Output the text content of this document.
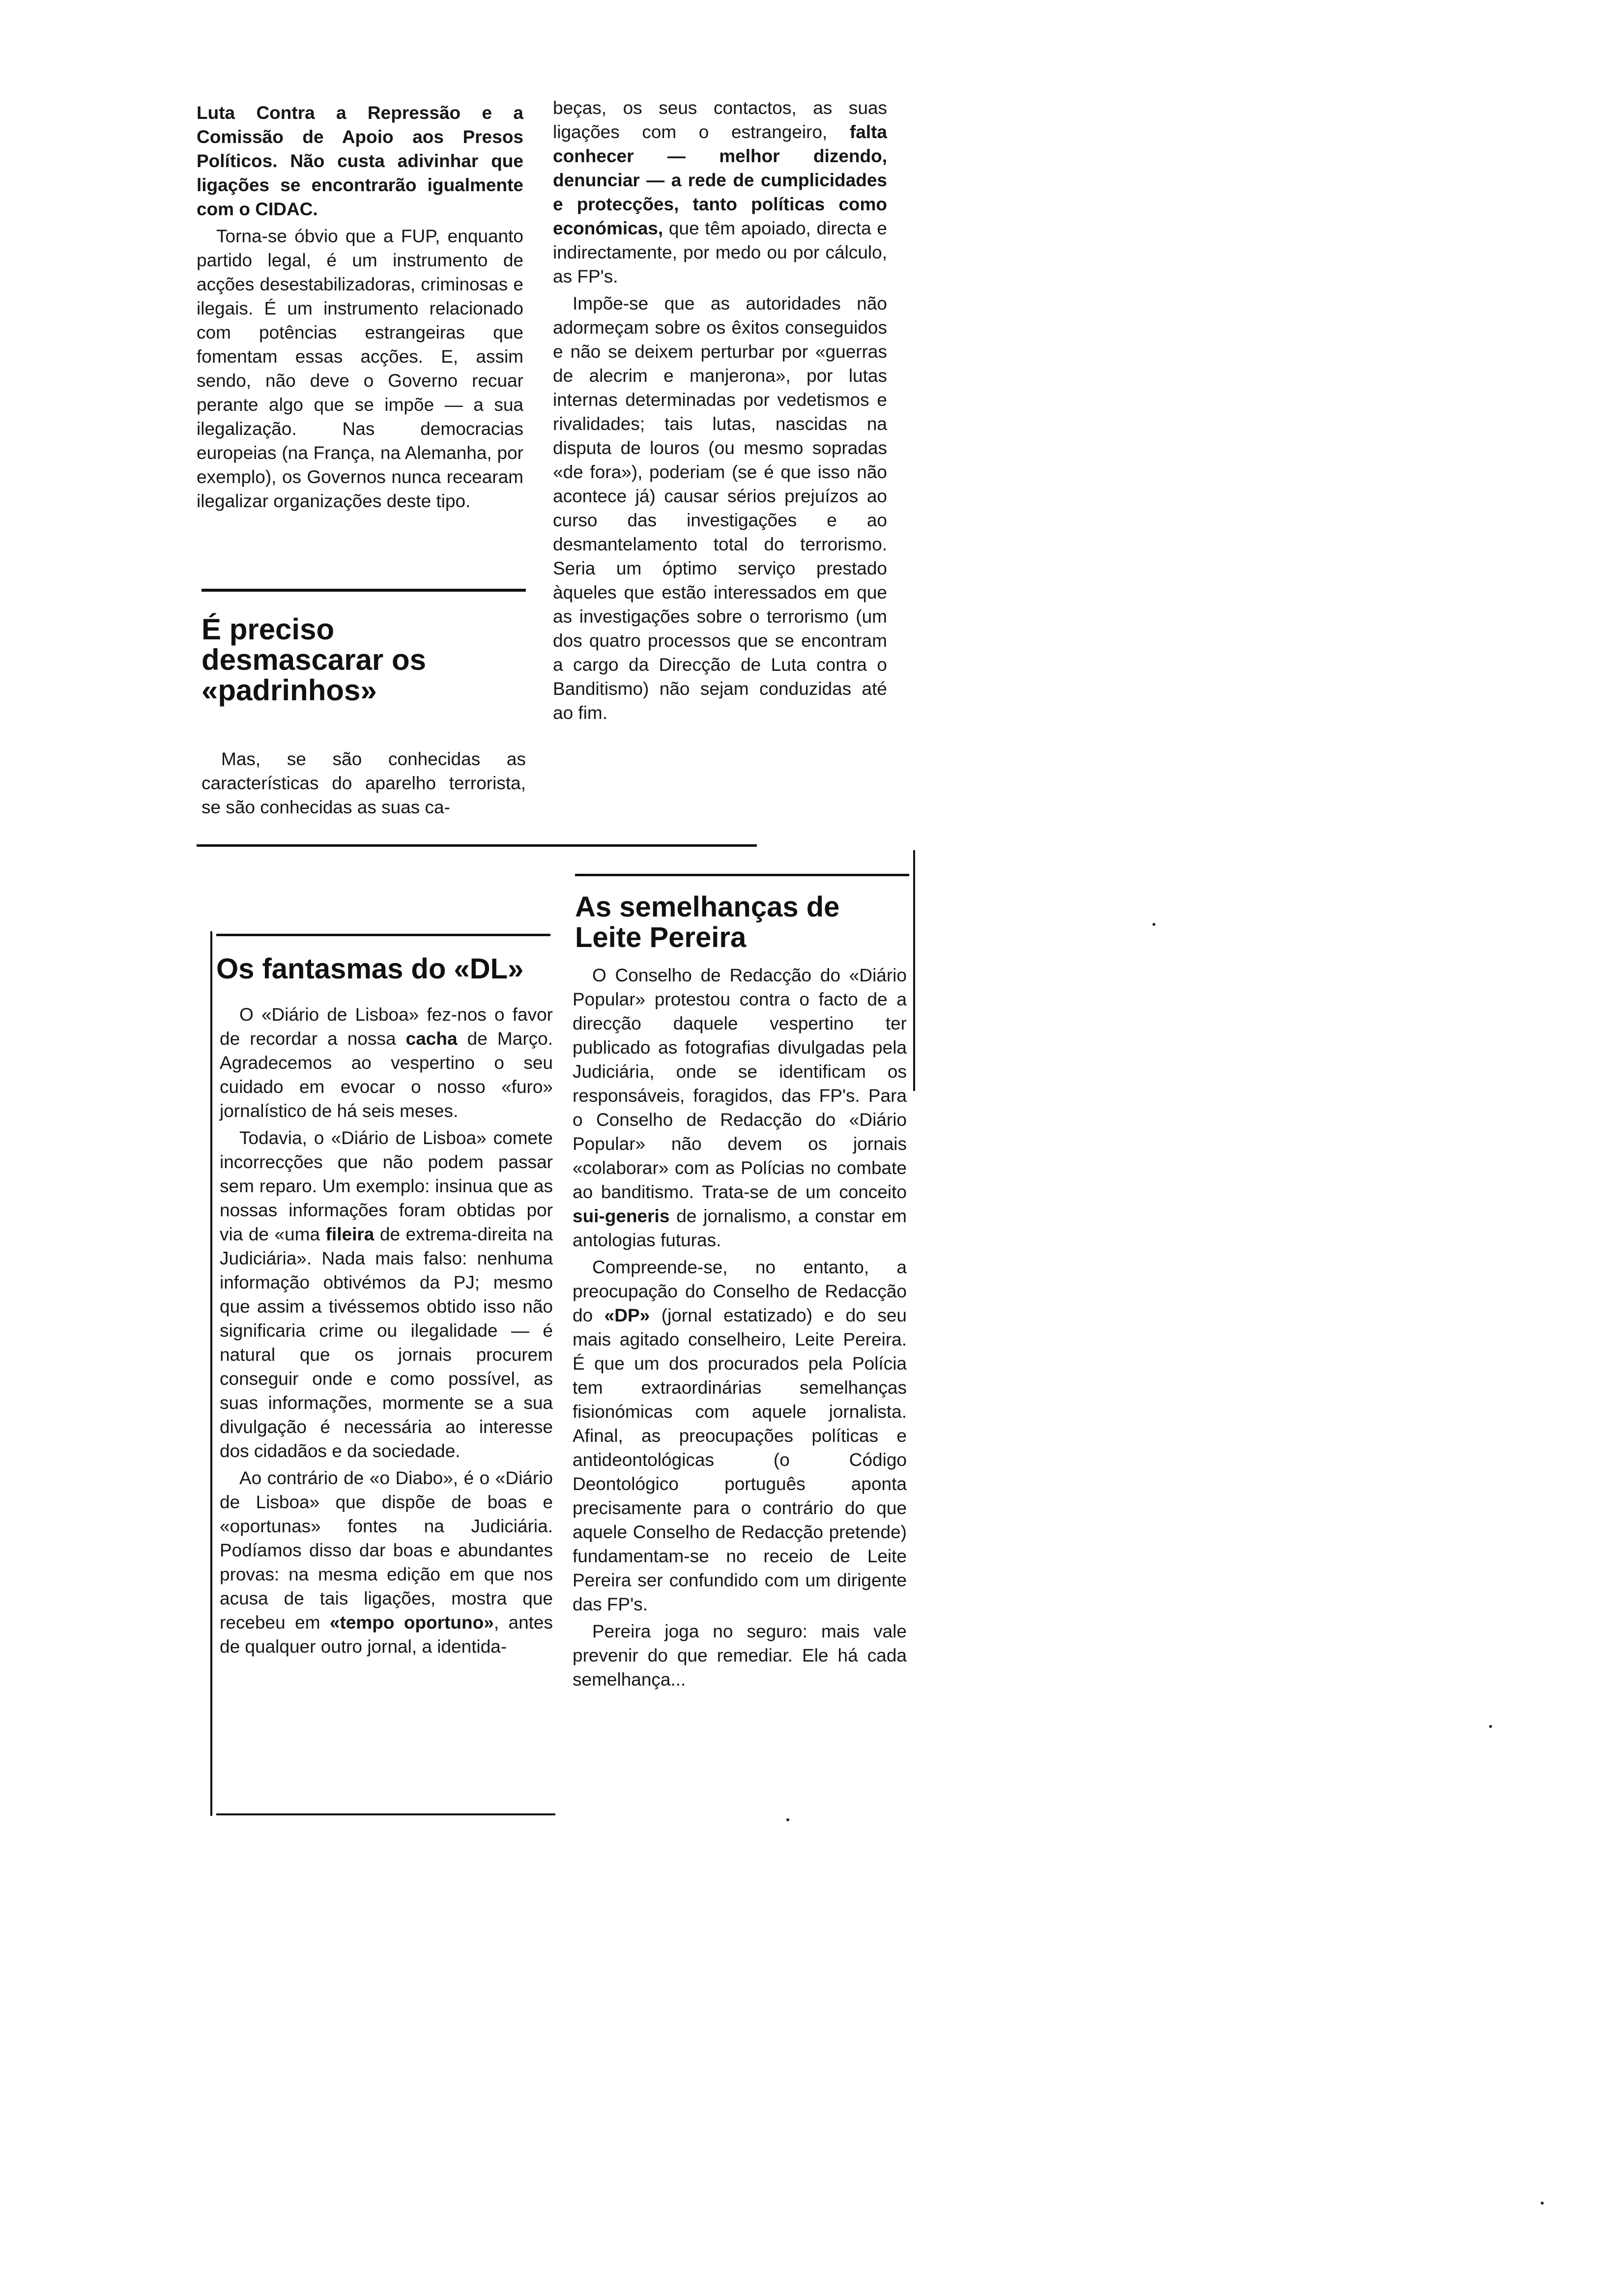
Luta Contra a Repressão e a Comissão de Apoio aos Presos Políticos. Não custa adivinhar que ligações se encontrarão igualmente com o CIDAC.

Torna-se óbvio que a FUP, enquanto partido legal, é um instrumento de acções desestabilizadoras, criminosas e ilegais. É um instrumento relacionado com potências estrangeiras que fomentam essas acções. E, assim sendo, não deve o Governo recuar perante algo que se impõe — a sua ilegalização. Nas democracias europeias (na França, na Alemanha, por exemplo), os Governos nunca recearam ilegalizar organizações deste tipo.

É preciso desmascarar os «padrinhos»

Mas, se são conhecidas as características do aparelho terrorista, se são conhecidas as suas ca-

beças, os seus contactos, as suas ligações com o estrangeiro, falta conhecer — melhor dizendo, denunciar — a rede de cumplicidades e protecções, tanto políticas como económicas, que têm apoiado, directa e indirectamente, por medo ou por cálculo, as FP's.

Impõe-se que as autoridades não adormeçam sobre os êxitos conseguidos e não se deixem perturbar por «guerras de alecrim e manjerona», por lutas internas determinadas por vedetismos e rivalidades; tais lutas, nascidas na disputa de louros (ou mesmo sopradas «de fora»), poderiam (se é que isso não acontece já) causar sérios prejuízos ao curso das investigações e ao desmantelamento total do terrorismo. Seria um óptimo serviço prestado àqueles que estão interessados em que as investigações sobre o terrorismo (um dos quatro processos que se encontram a cargo da Direcção de Luta contra o Banditismo) não sejam conduzidas até ao fim.

Os fantasmas do «DL»

O «Diário de Lisboa» fez-nos o favor de recordar a nossa cacha de Março. Agradecemos ao vespertino o seu cuidado em evocar o nosso «furo» jornalístico de há seis meses.

Todavia, o «Diário de Lisboa» comete incorrecções que não podem passar sem reparo. Um exemplo: insinua que as nossas informações foram obtidas por via de «uma fileira de extrema-direita na Judiciária». Nada mais falso: nenhuma informação obtivémos da PJ; mesmo que assim a tivéssemos obtido isso não significaria crime ou ilegalidade — é natural que os jornais procurem conseguir onde e como possível, as suas informações, mormente se a sua divulgação é necessária ao interesse dos cidadãos e da sociedade.

Ao contrário de «o Diabo», é o «Diário de Lisboa» que dispõe de boas e «oportunas» fontes na Judiciária. Podíamos disso dar boas e abundantes provas: na mesma edição em que nos acusa de tais ligações, mostra que recebeu em «tempo oportuno», antes de qualquer outro jornal, a identida-

As semelhanças de Leite Pereira

O Conselho de Redacção do «Diário Popular» protestou contra o facto de a direcção daquele vespertino ter publicado as fotografias divulgadas pela Judiciária, onde se identificam os responsáveis, foragidos, das FP's. Para o Conselho de Redacção do «Diário Popular» não devem os jornais «colaborar» com as Polícias no combate ao banditismo. Trata-se de um conceito sui-generis de jornalismo, a constar em antologias futuras.

Compreende-se, no entanto, a preocupação do Conselho de Redacção do «DP» (jornal estatizado) e do seu mais agitado conselheiro, Leite Pereira. É que um dos procurados pela Polícia tem extraordinárias semelhanças fisionómicas com aquele jornalista. Afinal, as preocupações políticas e antideontológicas (o Código Deontológico português aponta precisamente para o contrário do que aquele Conselho de Redacção pretende) fundamentam-se no receio de Leite Pereira ser confundido com um dirigente das FP's.

Pereira joga no seguro: mais vale prevenir do que remediar. Ele há cada semelhança...
